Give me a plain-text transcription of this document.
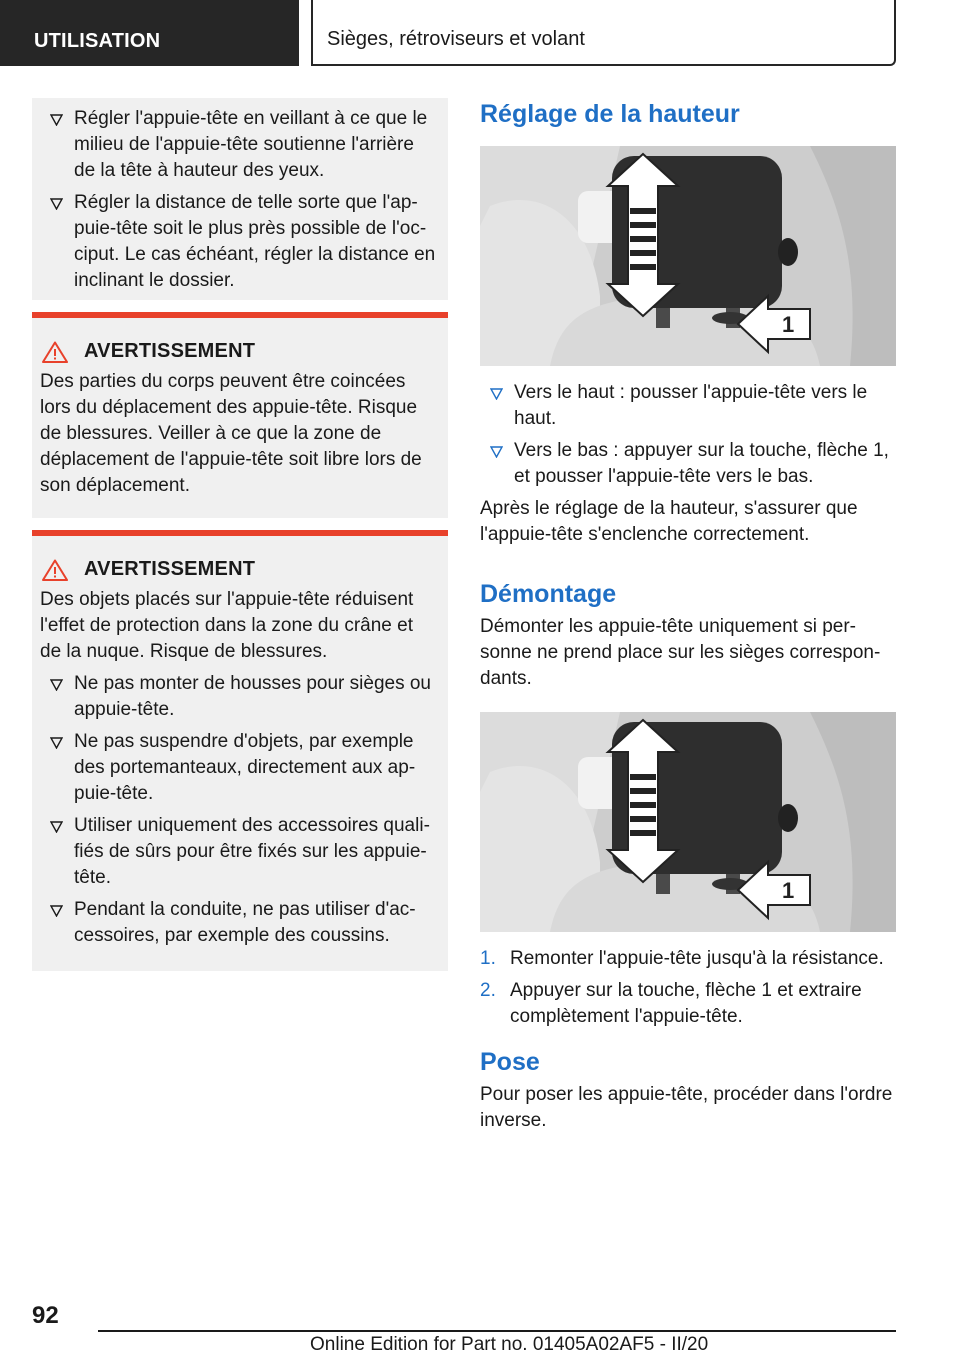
UTILISATION	Sièges, rétroviseurs et volant
Régler l'appuie-tête en veillant à ce que le milieu de l'appuie-tête soutienne l'arrière de la tête à hauteur des yeux.
Régler la distance de telle sorte que l'appuie-tête soit le plus près possible de l'occiput. Le cas échéant, régler la distance en inclinant le dossier.
AVERTISSEMENT
Des parties du corps peuvent être coincées lors du déplacement des appuie-tête. Risque de blessures. Veiller à ce que la zone de déplacement de l'appuie-tête soit libre lors de son déplacement.
AVERTISSEMENT
Des objets placés sur l'appuie-tête réduisent l'effet de protection dans la zone du crâne et de la nuque. Risque de blessures.
Ne pas monter de housses pour sièges ou appuie-tête.
Ne pas suspendre d'objets, par exemple des portemanteaux, directement aux appuie-tête.
Utiliser uniquement des accessoires qualifiés de sûrs pour être fixés sur les appuie-tête.
Pendant la conduite, ne pas utiliser d'accessoires, par exemple des coussins.
Réglage de la hauteur
1
Vers le haut : pousser l'appuie-tête vers le haut.
Vers le bas : appuyer sur la touche, flèche 1, et pousser l'appuie-tête vers le bas.
Après le réglage de la hauteur, s'assurer que l'appuie-tête s'enclenche correctement.
Démontage
Démonter les appuie-tête uniquement si personne ne prend place sur les sièges correspondants.
1
1. Remonter l'appuie-tête jusqu'à la résistance.
2. Appuyer sur la touche, flèche 1 et extraire complètement l'appuie-tête.
Pose
Pour poser les appuie-tête, procéder dans l'ordre inverse.
92
Online Edition for Part no. 01405A02AF5 - II/20
